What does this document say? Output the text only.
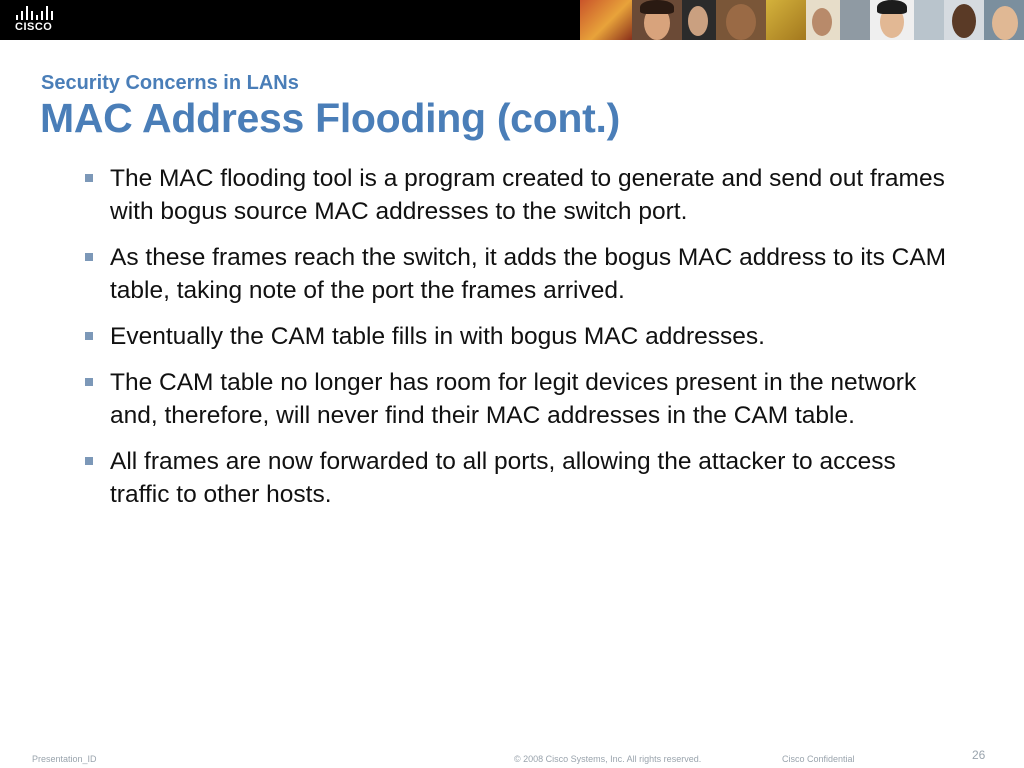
CISCO
Security Concerns in LANs
MAC Address Flooding (cont.)
The MAC flooding tool is a program created to generate and send out frames with bogus source MAC addresses to the switch port.
As these frames reach the switch, it adds the bogus MAC address to its CAM table, taking note of the port the frames arrived.
Eventually the CAM table fills in with bogus MAC addresses.
The CAM table no longer has room for legit devices present in the network and, therefore, will never find their MAC addresses in the CAM table.
All frames are now forwarded to all ports, allowing the attacker to access traffic to other hosts.
Presentation_ID	© 2008 Cisco Systems, Inc. All rights reserved.	Cisco Confidential	26
